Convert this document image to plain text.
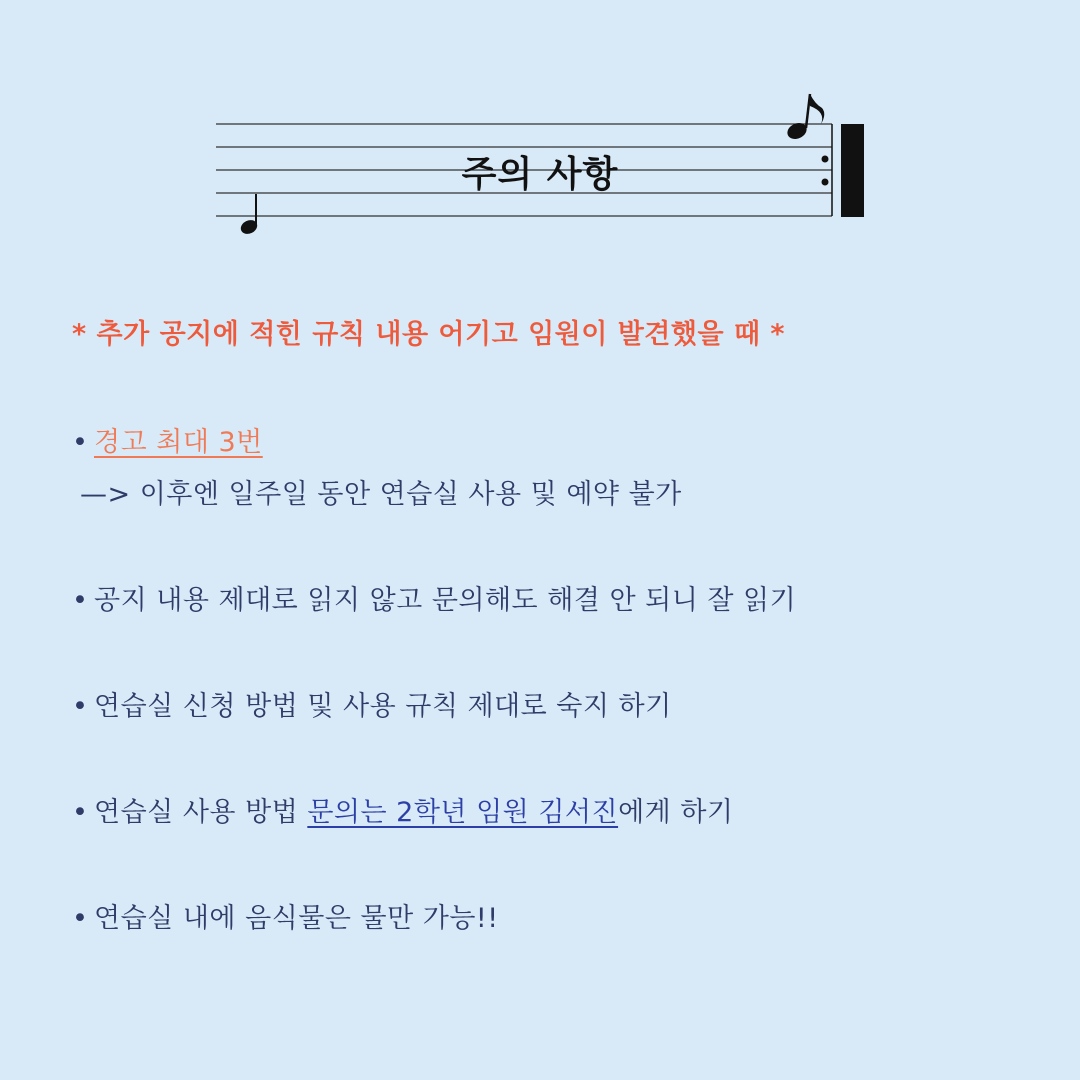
주의 사항
* 추가 공지에 적힌 규칙 내용 어기고 임원이 발견했을 때 *
• 경고 최대 3번
—> 이후엔 일주일 동안 연습실 사용 및 예약 불가
• 공지 내용 제대로 읽지 않고 문의해도 해결 안 되니 잘 읽기
• 연습실 신청 방법 및 사용 규칙 제대로 숙지 하기
• 연습실 사용 방법 문의는 2학년 임원 김서진에게 하기
• 연습실 내에 음식물은 물만 가능!!
